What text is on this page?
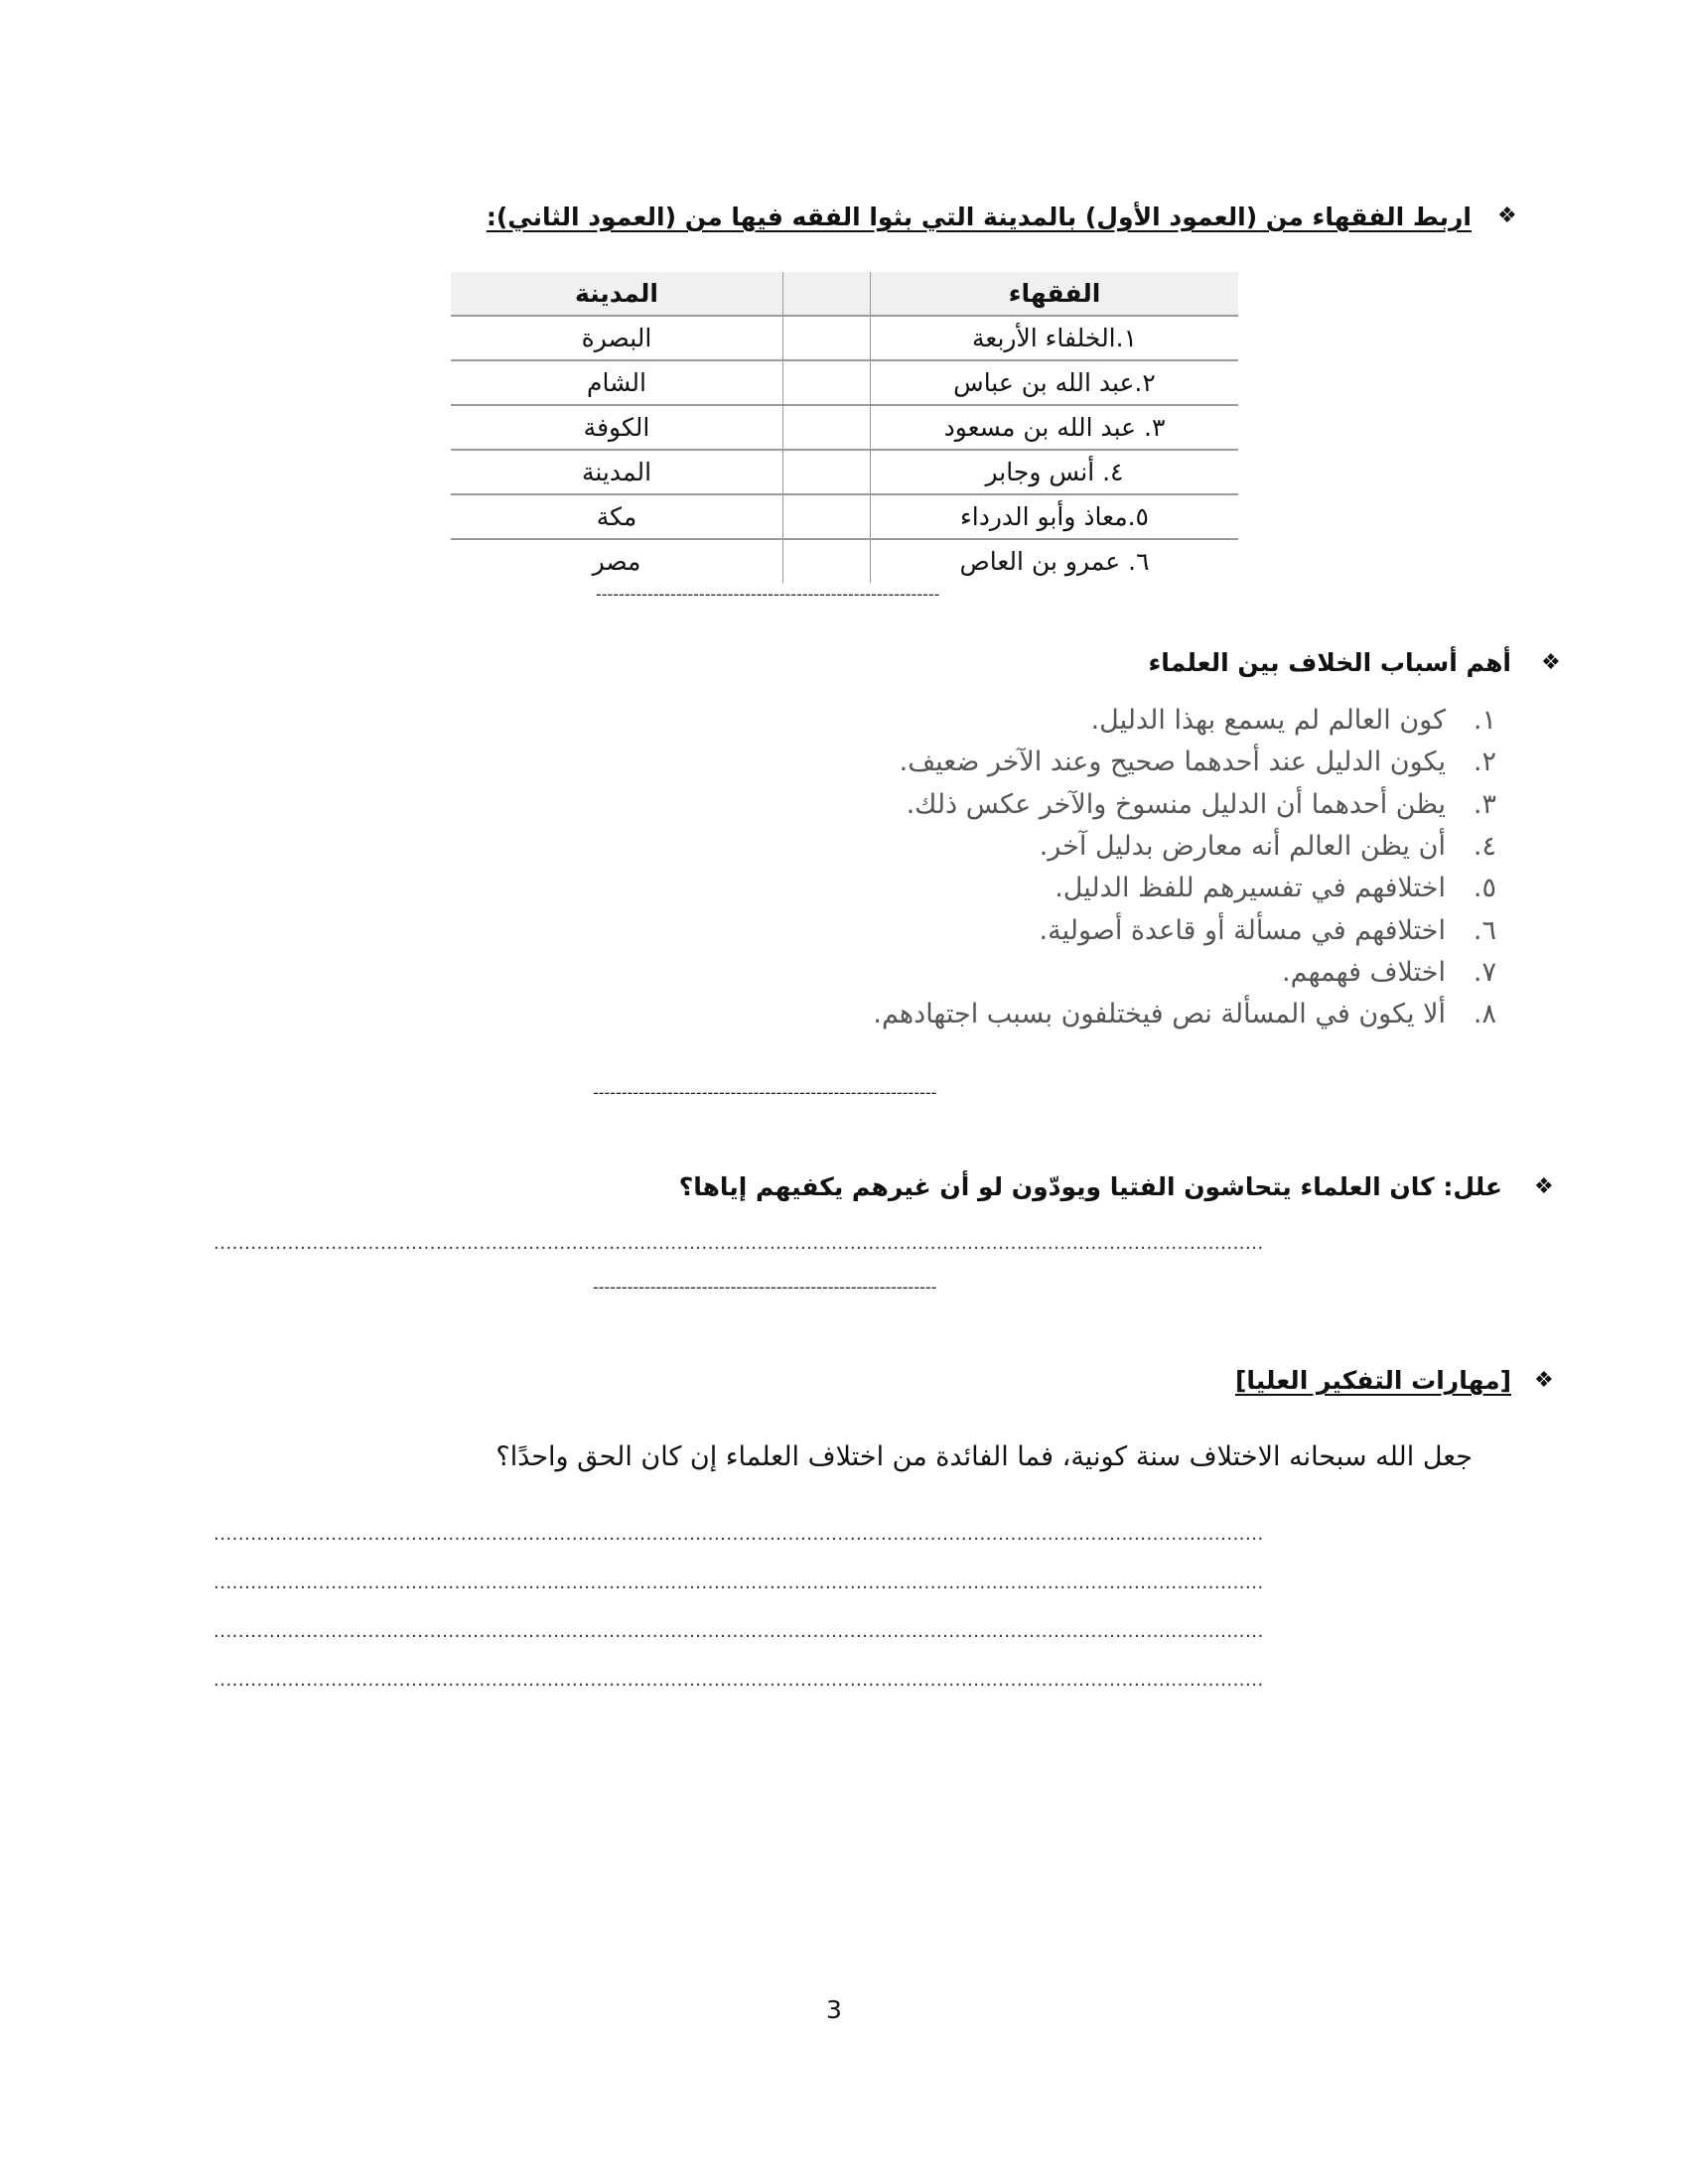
❖
اربط الفقهاء من (العمود الأول) بالمدينة التي بثوا الفقه فيها من (العمود الثاني):
الفقهاء		المدينة
١.الخلفاء الأربعة		البصرة
٢.عبد الله بن عباس		الشام
٣. عبد الله بن مسعود		الكوفة
٤. أنس وجابر		المدينة
٥.معاذ وأبو الدرداء		مكة
٦. عمرو بن العاص		مصر
------------------------------------------------------------
❖
أهم أسباب الخلاف بين العلماء
١.
كون العالم لم يسمع بهذا الدليل.
٢.
يكون الدليل عند أحدهما صحيح وعند الآخر ضعيف.
٣.
يظن أحدهما أن الدليل منسوخ والآخر عكس ذلك.
٤.
أن يظن العالم أنه معارض بدليل آخر.
٥.
اختلافهم في تفسيرهم للفظ الدليل.
٦.
اختلافهم في مسألة أو قاعدة أصولية.
٧.
اختلاف فهمهم.
٨.
ألا يكون في المسألة نص فيختلفون بسبب اجتهادهم.
------------------------------------------------------------
❖
علل: كان العلماء يتحاشون الفتيا ويودّون لو أن غيرهم يكفيهم إياها؟
..........................................................................................................................................................................
------------------------------------------------------------
❖
[مهارات التفكير العليا]
جعل الله سبحانه الاختلاف سنة كونية، فما الفائدة من اختلاف العلماء إن كان الحق واحدًا؟
..........................................................................................................................................................................
..........................................................................................................................................................................
..........................................................................................................................................................................
..........................................................................................................................................................................
3
